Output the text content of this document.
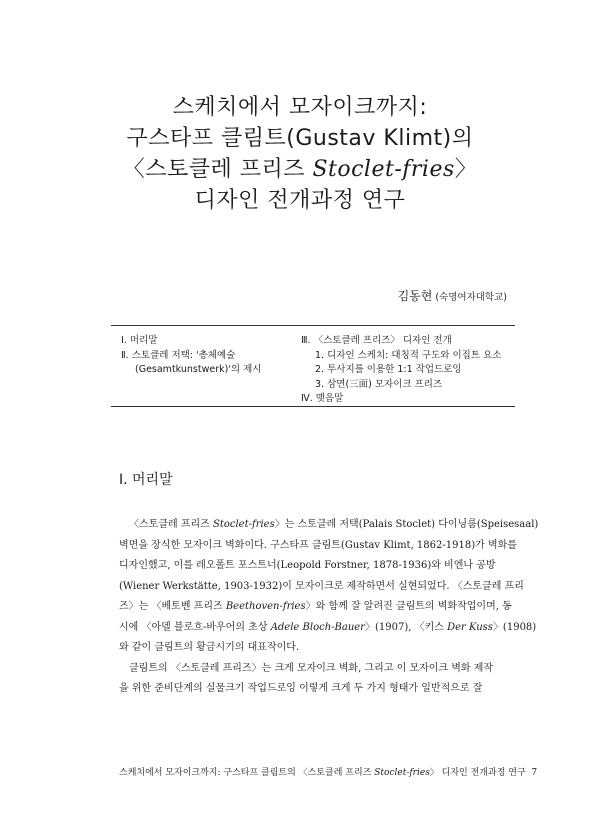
스케치에서 모자이크까지:
구스타프 클림트(Gustav Klimt)의
〈스토클레 프리즈 Stoclet-fries〉
디자인 전개과정 연구
김동현 (숙명여자대학교)
Ⅰ. 머리말
Ⅱ. 스토클레 저택: '총체예술
(Gesamtkunstwerk)'의 제시
Ⅲ. 〈스토클레 프리즈〉 디자인 전개
1. 디자인 스케치: 대칭적 구도와 이집트 요소
2. 투사지를 이용한 1:1 작업드로잉
3. 삼면(三面) 모자이크 프리즈
Ⅳ. 맺음말
Ⅰ. 머리말
〈스토클레 프리즈 Stoclet-fries〉는 스토클레 저택(Palais Stoclet) 다이닝룸(Speisesaal)
벽면을 장식한 모자이크 벽화이다. 구스타프 클림트(Gustav Klimt, 1862-1918)가 벽화를
디자인했고, 이를 레오폴트 포스트너(Leopold Forstner, 1878-1936)와 비엔나 공방
(Wiener Werkstätte, 1903-1932)이 모자이크로 제작하면서 실현되었다. 〈스토클레 프리
즈〉는 〈베토벤 프리즈 Beethoven-fries〉와 함께 잘 알려진 클림트의 벽화작업이며, 동
시에 〈아델 블로흐-바우어의 초상 Adele Bloch-Bauer〉(1907), 〈키스 Der Kuss〉(1908)
와 같이 클림트의 황금시기의 대표작이다.
클림트의 〈스토클레 프리즈〉는 크게 모자이크 벽화, 그리고 이 모자이크 벽화 제작
을 위한 준비단계의 실물크기 작업드로잉 이렇게 크게 두 가지 형태가 일반적으로 잘
스케치에서 모자이크까지: 구스타프 클림트의 〈스토클레 프리즈 Stoclet-fries〉 디자인 전개과정 연구 7
